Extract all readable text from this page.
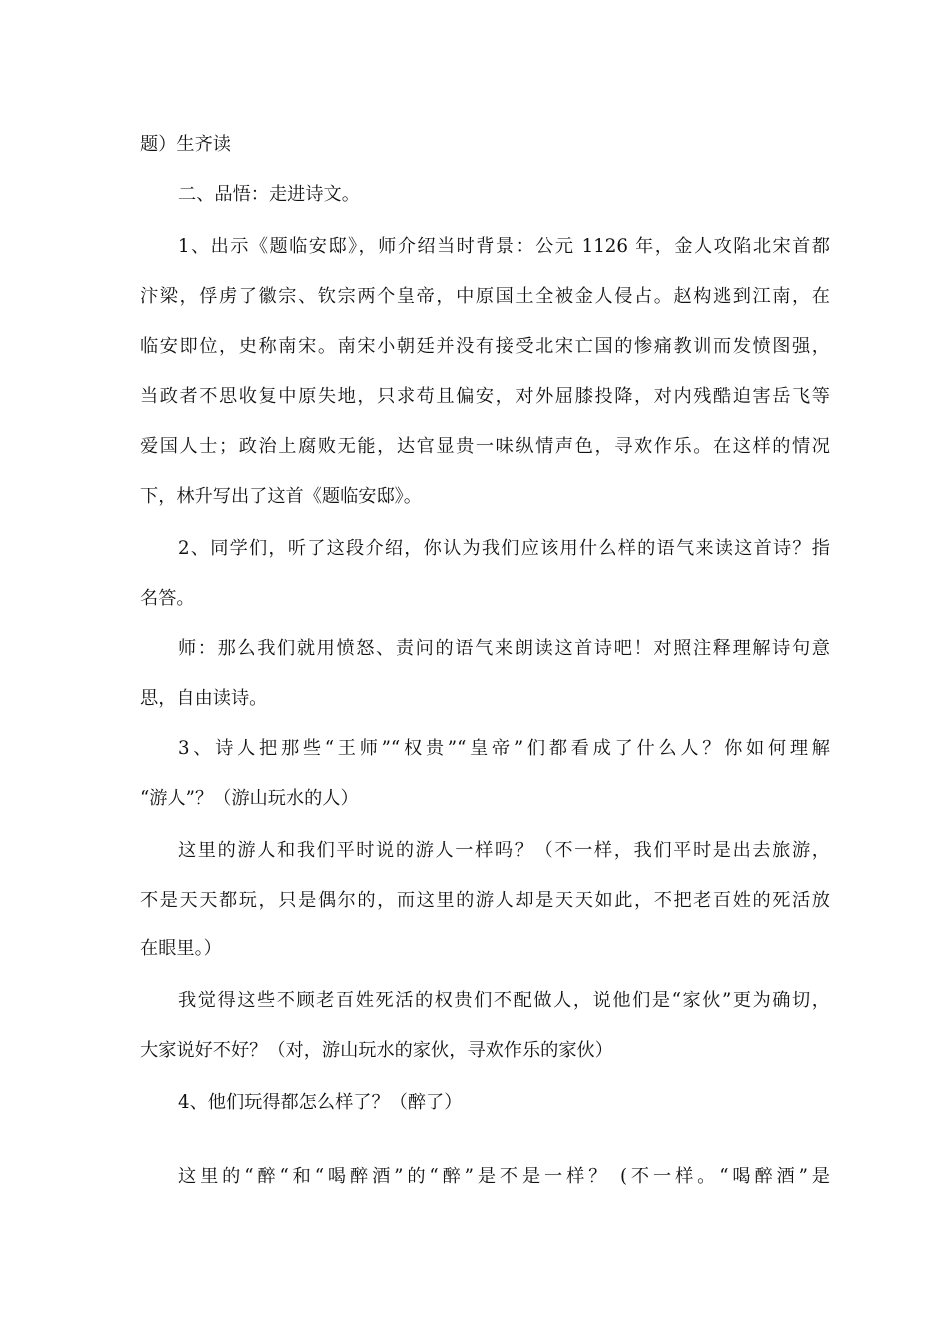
题）生齐读
二、品悟：走进诗文。
1、出示《题临安邸》，师介绍当时背景：公元 1126 年，金人攻陷北宋首都
汴梁，俘虏了徽宗、钦宗两个皇帝，中原国土全被金人侵占。赵构逃到江南，在
临安即位，史称南宋。南宋小朝廷并没有接受北宋亡国的惨痛教训而发愤图强，
当政者不思收复中原失地，只求苟且偏安，对外屈膝投降，对内残酷迫害岳飞等
爱国人士；政治上腐败无能，达官显贵一味纵情声色，寻欢作乐。在这样的情况
下，林升写出了这首《题临安邸》。
2、同学们，听了这段介绍，你认为我们应该用什么样的语气来读这首诗？指
名答。
师：那么我们就用愤怒、责问的语气来朗读这首诗吧！对照注释理解诗句意
思，自由读诗。
3、诗人把那些“王师”“权贵”“皇帝”们都看成了什么人？你如何理解
“游人”？（游山玩水的人）
这里的游人和我们平时说的游人一样吗？（不一样，我们平时是出去旅游，
不是天天都玩，只是偶尔的，而这里的游人却是天天如此，不把老百姓的死活放
在眼里。）
我觉得这些不顾老百姓死活的权贵们不配做人，说他们是“家伙”更为确切，
大家说好不好？（对，游山玩水的家伙，寻欢作乐的家伙）
4、他们玩得都怎么样了？（醉了）
这里的“醉“和“喝醉酒”的“醉”是不是一样？ (不一样。“喝醉酒”是
